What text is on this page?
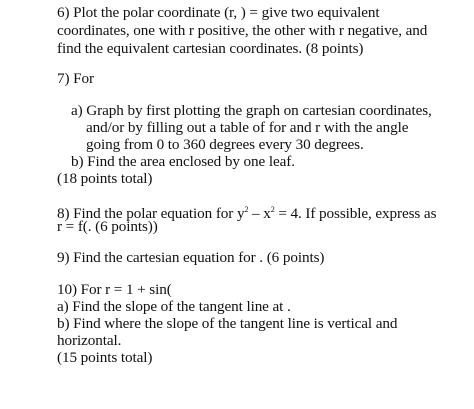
6) Plot the polar coordinate (r, ) = give two equivalent
coordinates, one with r positive, the other with r negative, and
find the equivalent cartesian coordinates. (8 points)
7) For
a) Graph by first plotting the graph on cartesian coordinates,
and/or by filling out a table of for and r with the angle
going from 0 to 360 degrees every 30 degrees.
b) Find the area enclosed by one leaf.
(18 points total)
8) Find the polar equation for $y^2 - x^2 = 4$. If possible, express as
r = f(. (6 points))
9) Find the cartesian equation for . (6 points)
10) For r = 1 + sin(
a) Find the slope of the tangent line at .
b) Find where the slope of the tangent line is vertical and
horizontal.
(15 points total)
